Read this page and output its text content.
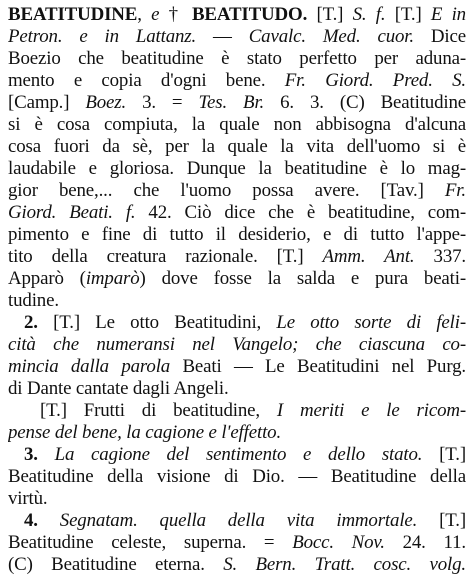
BEATITUDINE, e † BEATITUDO. [T.] S. f. [T.] E in
Petron. e in Lattanz. — Cavalc. Med. cuor. Dice
Boezio che beatitudine è stato perfetto per aduna-
mento e copia d'ogni bene. Fr. Giord. Pred. S.
[Camp.] Boez. 3. = Tes. Br. 6. 3. (C) Beatitudine
si è cosa compiuta, la quale non abbisogna d'alcuna
cosa fuori da sè, per la quale la vita dell'uomo si è
laudabile e gloriosa. Dunque la beatitudine è lo mag-
gior bene,... che l'uomo possa avere. [Tav.] Fr.
Giord. Beati. f. 42. Ciò dice che è beatitudine, com-
pimento e fine di tutto il desiderio, e di tutto l'appe-
tito della creatura razionale. [T.] Amm. Ant. 337.
Apparò (imparò) dove fosse la salda e pura beati-
tudine.
2. [T.] Le otto Beatitudini, Le otto sorte di feli-
cità che numeransi nel Vangelo; che ciascuna co-
mincia dalla parola Beati — Le Beatitudini nel Purg.
di Dante cantate dagli Angeli.
[T.] Frutti di beatitudine, I meriti e le ricom-
pense del bene, la cagione e l'effetto.
3. La cagione del sentimento e dello stato. [T.]
Beatitudine della visione di Dio. — Beatitudine della
virtù.
4. Segnatam. quella della vita immortale. [T.]
Beatitudine celeste, superna. = Bocc. Nov. 24. 11.
(C) Beatitudine eterna. S. Bern. Tratt. cosc. volg.
